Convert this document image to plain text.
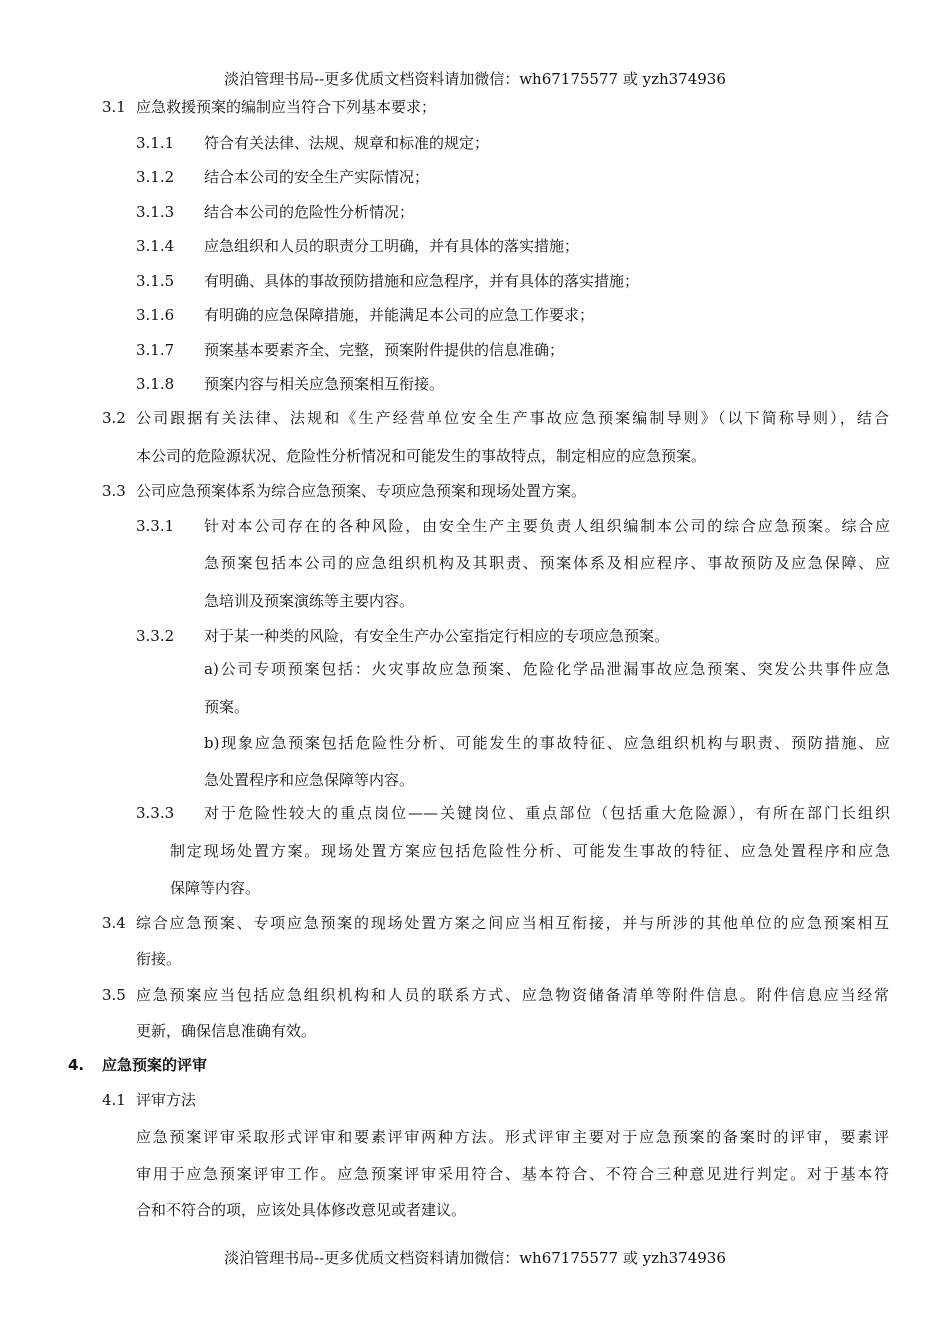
淡泊管理书局--更多优质文档资料请加微信：wh67175577 或 yzh374936
3.1 应急救援预案的编制应当符合下列基本要求；
3.1.1 符合有关法律、法规、规章和标准的规定；
3.1.2 结合本公司的安全生产实际情况；
3.1.3 结合本公司的危险性分析情况；
3.1.4 应急组织和人员的职责分工明确，并有具体的落实措施；
3.1.5 有明确、具体的事故预防措施和应急程序，并有具体的落实措施；
3.1.6 有明确的应急保障措施，并能满足本公司的应急工作要求；
3.1.7 预案基本要素齐全、完整，预案附件提供的信息准确；
3.1.8 预案内容与相关应急预案相互衔接。
3.2 公司跟据有关法律、法规和《生产经营单位安全生产事故应急预案编制导则》（以下简称导则），结合
本公司的危险源状况、危险性分析情况和可能发生的事故特点，制定相应的应急预案。
3.3 公司应急预案体系为综合应急预案、专项应急预案和现场处置方案。
3.3.1 针对本公司存在的各种风险，由安全生产主要负责人组织编制本公司的综合应急预案。综合应
急预案包括本公司的应急组织机构及其职责、预案体系及相应程序、事故预防及应急保障、应
急培训及预案演练等主要内容。
3.3.2 对于某一种类的风险，有安全生产办公室指定行相应的专项应急预案。
a)公司专项预案包括：火灾事故应急预案、危险化学品泄漏事故应急预案、突发公共事件应急
预案。
b)现象应急预案包括危险性分析、可能发生的事故特征、应急组织机构与职责、预防措施、应
急处置程序和应急保障等内容。
3.3.3 对于危险性较大的重点岗位——关键岗位、重点部位（包括重大危险源），有所在部门长组织
制定现场处置方案。现场处置方案应包括危险性分析、可能发生事故的特征、应急处置程序和应急
保障等内容。
3.4 综合应急预案、专项应急预案的现场处置方案之间应当相互衔接，并与所涉的其他单位的应急预案相互
衔接。
3.5 应急预案应当包括应急组织机构和人员的联系方式、应急物资储备清单等附件信息。附件信息应当经常
更新，确保信息准确有效。
4. 应急预案的评审
4.1 评审方法
应急预案评审采取形式评审和要素评审两种方法。形式评审主要对于应急预案的备案时的评审，要素评
审用于应急预案评审工作。应急预案评审采用符合、基本符合、不符合三种意见进行判定。对于基本符
合和不符合的项，应该处具体修改意见或者建议。
淡泊管理书局--更多优质文档资料请加微信：wh67175577 或 yzh374936
